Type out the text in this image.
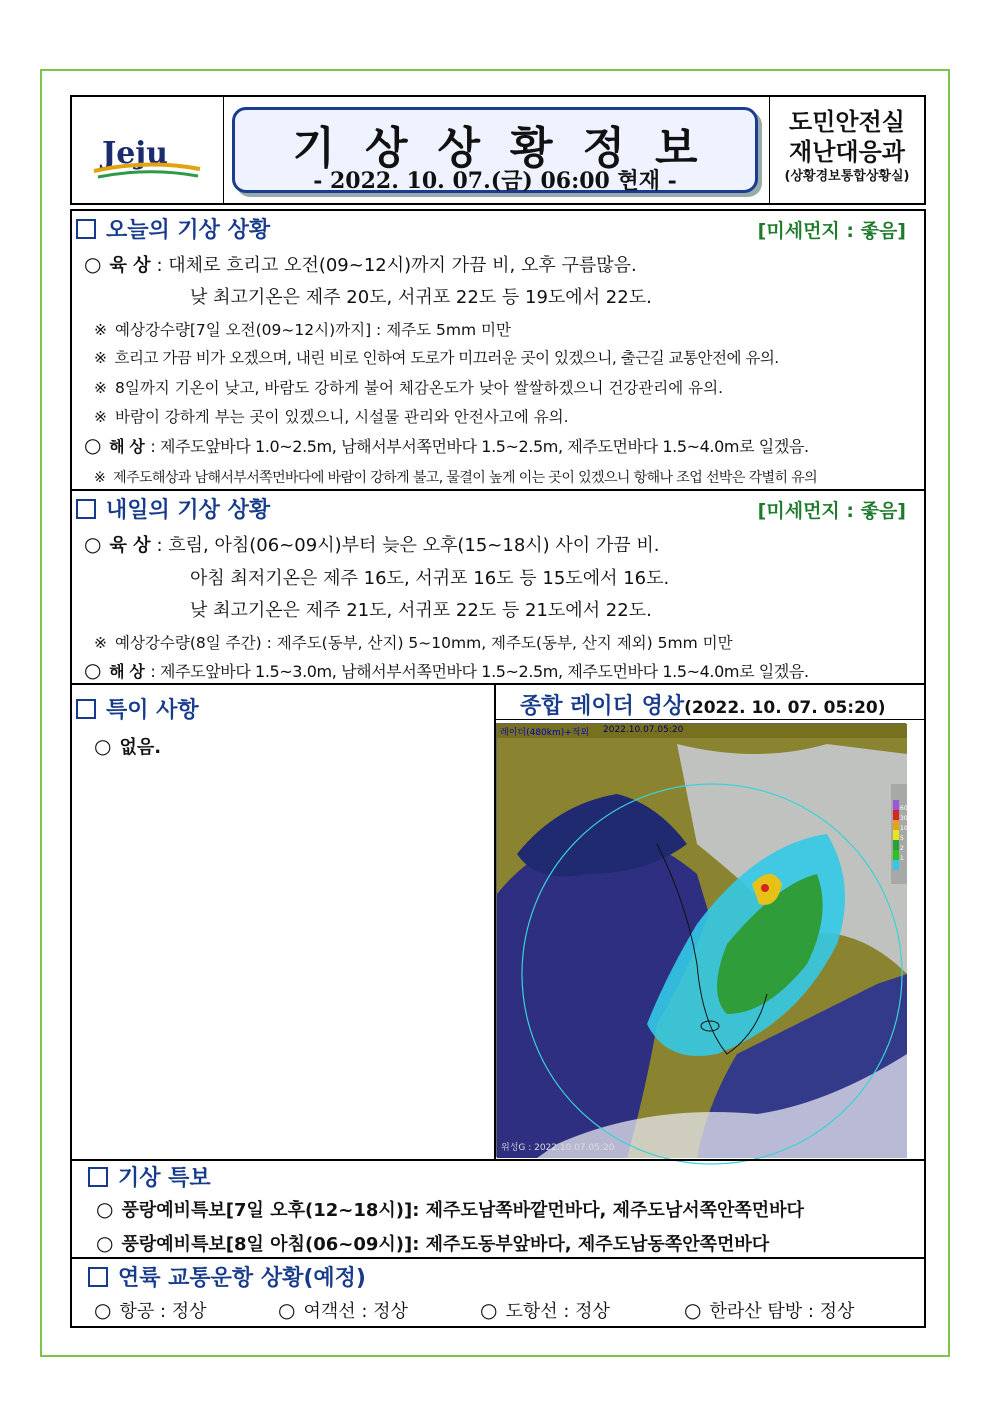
Jeju	기상상황정보
- 2022. 10. 07.(금) 06:00 현재 -
도민안전실
재난대응과
(상황경보통합상황실)
오늘의 기상 상황	[미세먼지 : 좋음]
○ 육 상 : 대체로 흐리고 오전(09~12시)까지 가끔 비, 오후 구름많음.
낮 최고기온은 제주 20도, 서귀포 22도 등 19도에서 22도.
※ 예상강수량[7일 오전(09~12시)까지] : 제주도 5mm 미만
※ 흐리고 가끔 비가 오겠으며, 내린 비로 인하여 도로가 미끄러운 곳이 있겠으니, 출근길 교통안전에 유의.
※ 8일까지 기온이 낮고, 바람도 강하게 불어 체감온도가 낮아 쌀쌀하겠으니 건강관리에 유의.
※ 바람이 강하게 부는 곳이 있겠으니, 시설물 관리와 안전사고에 유의.
○ 해 상 : 제주도앞바다 1.0~2.5m, 남해서부서쪽먼바다 1.5~2.5m, 제주도먼바다 1.5~4.0m로 일겠음.
※ 제주도해상과 남해서부서쪽먼바다에 바람이 강하게 불고, 물결이 높게 이는 곳이 있겠으니 항해나 조업 선박은 각별히 유의
내일의 기상 상황	[미세먼지 : 좋음]
○ 육 상 : 흐림, 아침(06~09시)부터 늦은 오후(15~18시) 사이 가끔 비.
아침 최저기온은 제주 16도, 서귀포 16도 등 15도에서 16도.
낮 최고기온은 제주 21도, 서귀포 22도 등 21도에서 22도.
※ 예상강수량(8일 주간) : 제주도(동부, 산지) 5~10mm, 제주도(동부, 산지 제외) 5mm 미만
○ 해 상 : 제주도앞바다 1.5~3.0m, 남해서부서쪽먼바다 1.5~2.5m, 제주도먼바다 1.5~4.0m로 일겠음.
특이 사항
○ 없음.
종합 레이더 영상(2022. 10. 07. 05:20)
레이더(480km)+적외 2022.10.07.05:20
60
30
10
5
2
1
위성G : 2022.10.07.05:20
기상 특보
○ 풍랑예비특보[7일 오후(12~18시)]: 제주도남쪽바깥먼바다, 제주도남서쪽안쪽먼바다
○ 풍랑예비특보[8일 아침(06~09시)]: 제주도동부앞바다, 제주도남동쪽안쪽먼바다
연륙 교통운항 상황(예정)
○ 항공 : 정상	○ 여객선 : 정상	○ 도항선 : 정상	○ 한라산 탐방 : 정상
